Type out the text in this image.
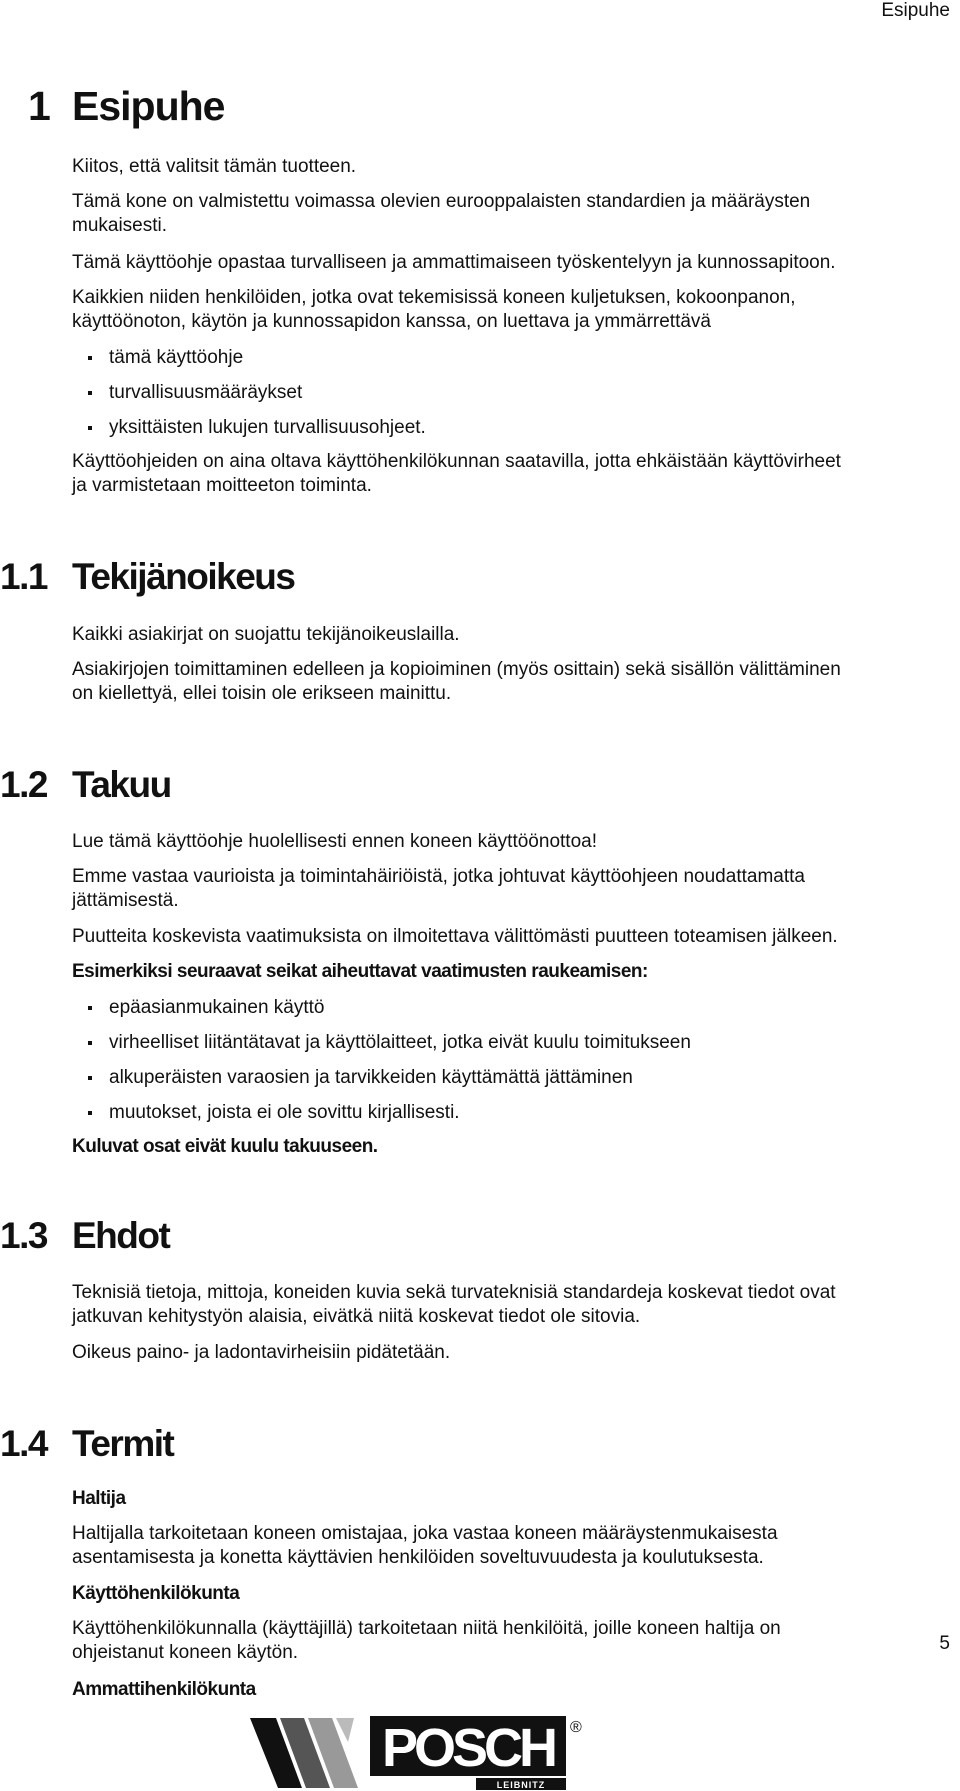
Esipuhe
1 Esipuhe
Kiitos, että valitsit tämän tuotteen.
Tämä kone on valmistettu voimassa olevien eurooppalaisten standardien ja määräysten
mukaisesti.
Tämä käyttöohje opastaa turvalliseen ja ammattimaiseen työskentelyyn ja kunnossapitoon.
Kaikkien niiden henkilöiden, jotka ovat tekemisissä koneen kuljetuksen, kokoonpanon,
käyttöönoton, käytön ja kunnossapidon kanssa, on luettava ja ymmärrettävä
tämä käyttöohje
turvallisuusmääräykset
yksittäisten lukujen turvallisuusohjeet.
Käyttöohjeiden on aina oltava käyttöhenkilökunnan saatavilla, jotta ehkäistään käyttövirheet
ja varmistetaan moitteeton toiminta.
1.1 Tekijänoikeus
Kaikki asiakirjat on suojattu tekijänoikeuslailla.
Asiakirjojen toimittaminen edelleen ja kopioiminen (myös osittain) sekä sisällön välittäminen
on kiellettyä, ellei toisin ole erikseen mainittu.
1.2 Takuu
Lue tämä käyttöohje huolellisesti ennen koneen käyttöönottoa!
Emme vastaa vaurioista ja toimintahäiriöistä, jotka johtuvat käyttöohjeen noudattamatta
jättämisestä.
Puutteita koskevista vaatimuksista on ilmoitettava välittömästi puutteen toteamisen jälkeen.
Esimerkiksi seuraavat seikat aiheuttavat vaatimusten raukeamisen:
epäasianmukainen käyttö
virheelliset liitäntätavat ja käyttölaitteet, jotka eivät kuulu toimitukseen
alkuperäisten varaosien ja tarvikkeiden käyttämättä jättäminen
muutokset, joista ei ole sovittu kirjallisesti.
Kuluvat osat eivät kuulu takuuseen.
1.3 Ehdot
Teknisiä tietoja, mittoja, koneiden kuvia sekä turvateknisiä standardeja koskevat tiedot ovat
jatkuvan kehitystyön alaisia, eivätkä niitä koskevat tiedot ole sitovia.
Oikeus paino- ja ladontavirheisiin pidätetään.
1.4 Termit
Haltija
Haltijalla tarkoitetaan koneen omistajaa, joka vastaa koneen määräystenmukaisesta
asentamisesta ja konetta käyttävien henkilöiden soveltuvuudesta ja koulutuksesta.
Käyttöhenkilökunta
Käyttöhenkilökunnalla (käyttäjillä) tarkoitetaan niitä henkilöitä, joille koneen haltija on
ohjeistanut koneen käytön.
Ammattihenkilökunta
5
POSCH
LEIBNITZ
®
